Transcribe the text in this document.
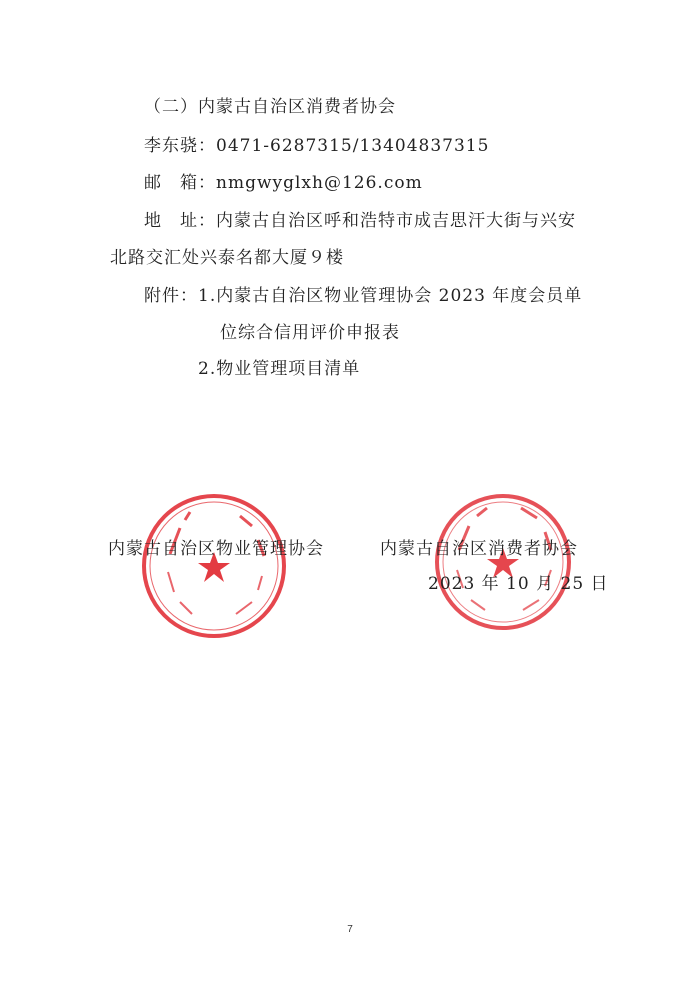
（二）内蒙古自治区消费者协会
李东骁：0471-6287315/13404837315
邮　箱：nmgwyglxh@126.com
地　址：内蒙古自治区呼和浩特市成吉思汗大街与兴安
北路交汇处兴泰名都大厦９楼
附件：1.内蒙古自治区物业管理协会 2023 年度会员单
位综合信用评价申报表
2.物业管理项目清单
内蒙古自治区物业管理协会	内蒙古自治区消费者协会
2023 年 10 月 25 日
7
